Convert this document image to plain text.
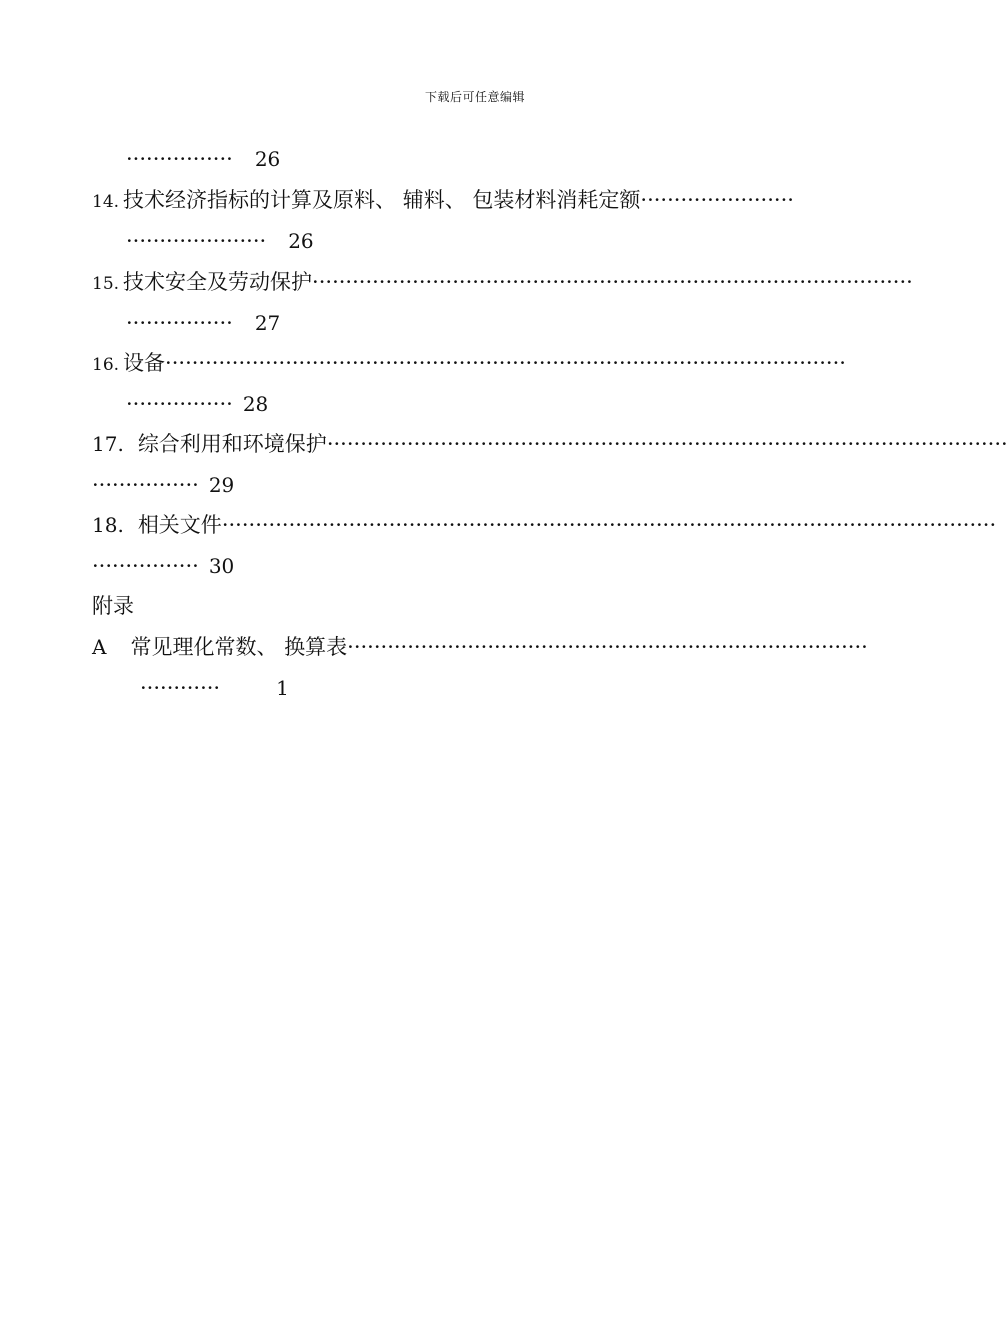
下载后可任意编辑
················ 26
14. 技术经济指标的计算及原料、 辅料、 包装材料消耗定额·······················
····················· 26
15. 技术安全及劳动保护··························································································
················ 27
16. 设备······································································································
················ 28
17. 综合利用和环境保护······································································································
················ 29
18. 相关文件····················································································································
················ 30
附录
A 常见理化常数、 换算表··············································································
············	1
